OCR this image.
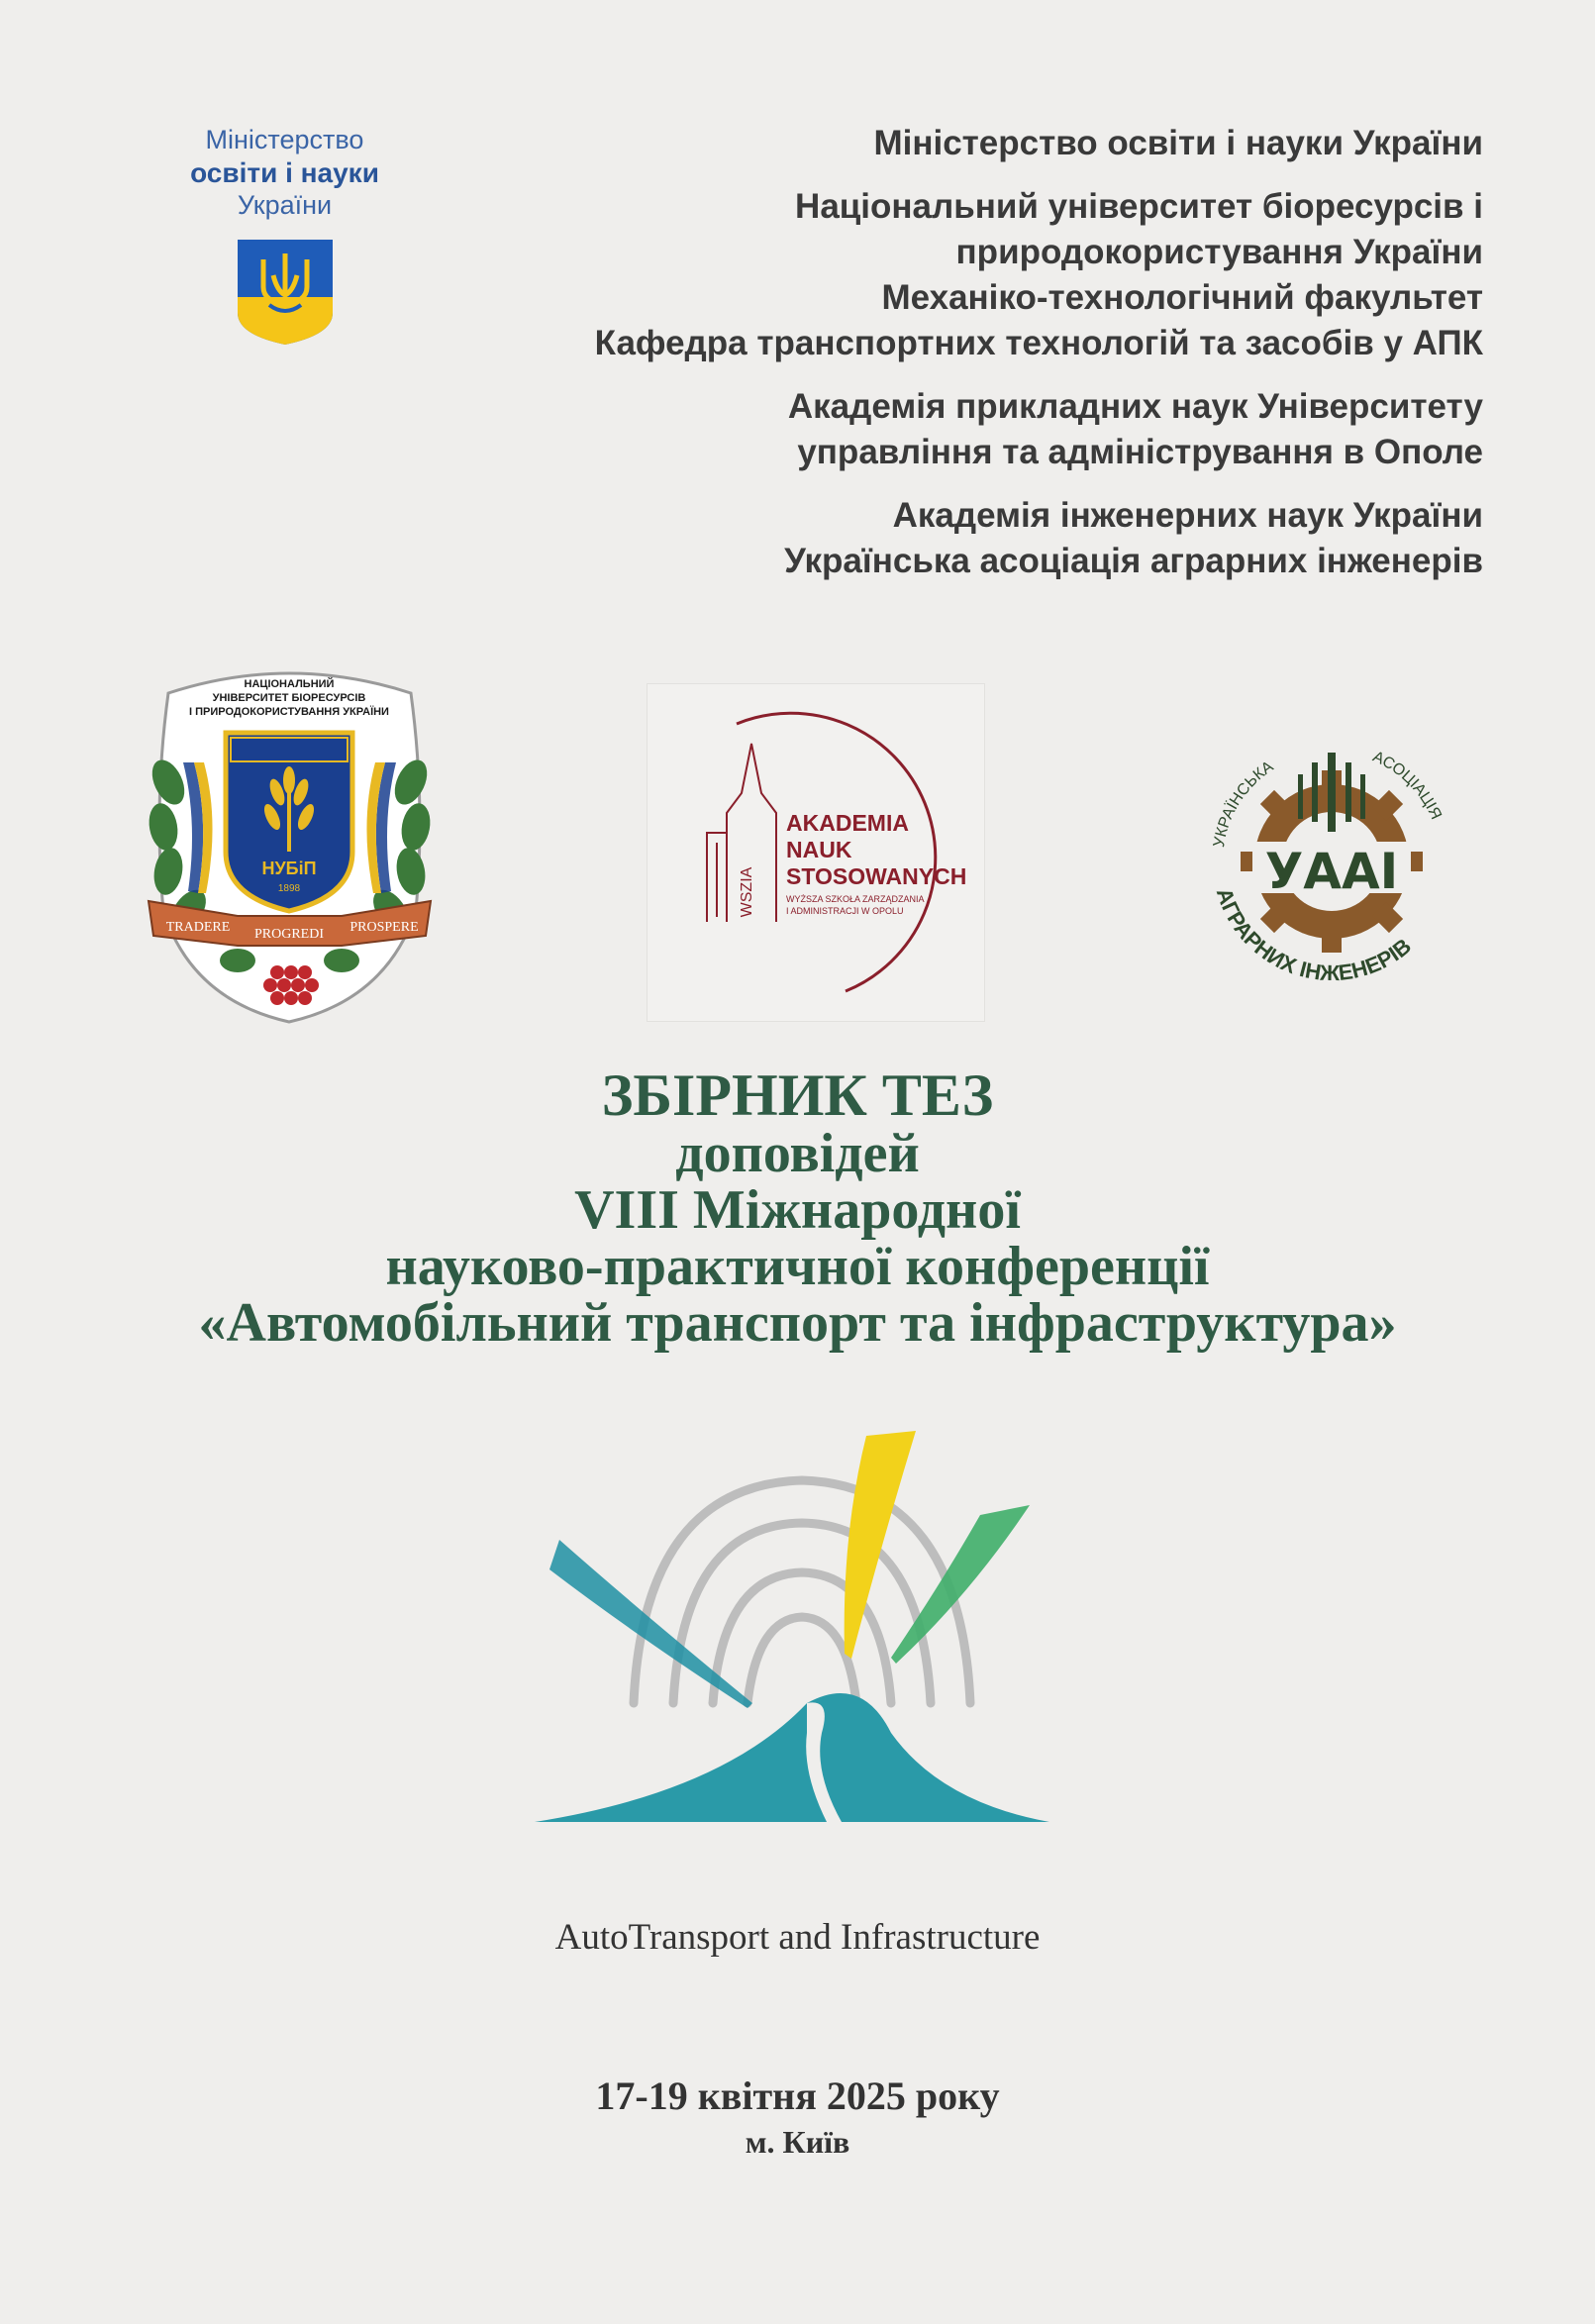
Міністерство
освіти і науки
України
Міністерство освіти і науки України
Національний університет біоресурсів і
природокористування України
Механіко-технологічний факультет
Кафедра транспортних технологій та засобів у АПК
Академія прикладних наук Університету
управління та адміністрування в Ополе
Академія інженерних наук України
Українська асоціація аграрних інженерів
НАЦІОНАЛЬНИЙ
УНІВЕРСИТЕТ БІОРЕСУРСІВ
І ПРИРОДОКОРИСТУВАННЯ УКРАЇНИ
НУБіП
1898
TRADERE PROGREDI PROSPERE
WSZIA
AKADEMIA
NAUK
STOSOWANYCH
WYŻSZA SZKOŁA ZARZĄDZANIA
I ADMINISTRACJI W OPOLU
УААІ
УКРАЇНСЬКА
АСОЦІАЦІЯ
АГРАРНИХ ІНЖЕНЕРІВ
ЗБІРНИК ТЕЗ
доповідей
VIII Міжнародної
науково-практичної конференції
«Автомобільний транспорт та інфраструктура»
AutoTransport and Infrastructure
17-19 квітня 2025 року
м. Київ
